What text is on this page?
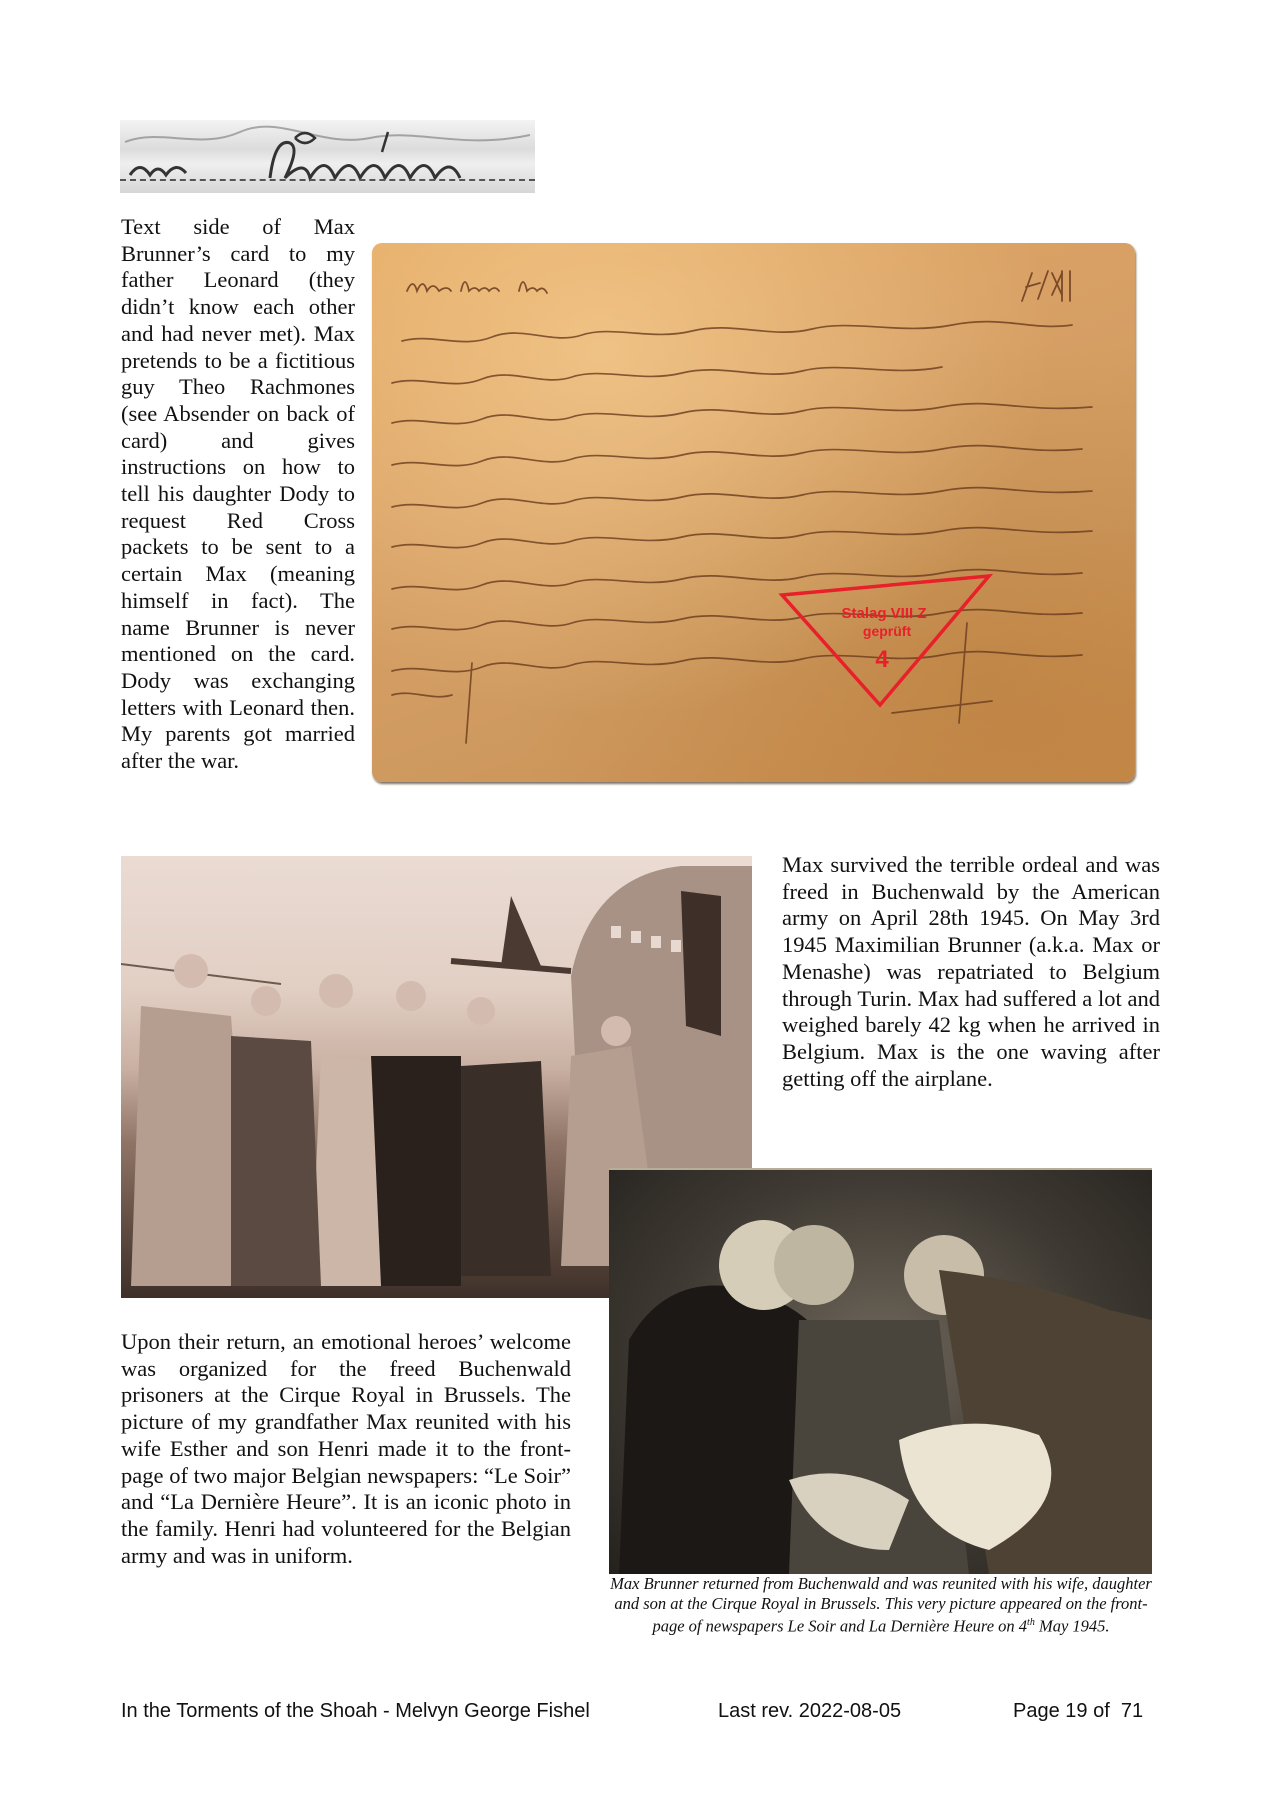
Text side of Max Brunner’s card to my father Leonard (they didn’t know each other and had never met). Max pretends to be a fictitious guy Theo Rachmones (see Absender on back of card) and gives instructions on how to tell his daughter Dody to request Red Cross packets to be sent to a certain Max (meaning himself in fact). The name Brunner is never mentioned on the card. Dody was exchanging letters with Leonard then. My parents got married after the war.

Stalag VIII Z
geprüft
4

Max survived the terrible ordeal and was freed in Buchenwald by the American army on April 28th 1945. On May 3rd 1945 Maximilian Brunner (a.k.a. Max or Menashe) was repatriated to Belgium through Turin. Max had suffered a lot and weighed barely 42 kg when he arrived in Belgium. Max is the one waving after getting off the airplane.

Max Brunner returned from Buchenwald and was reunited with his wife, daughter and son at the Cirque Royal in Brussels. This very picture appeared on the front-page of newspapers Le Soir and La Dernière Heure on 4th May 1945.

Upon their return, an emotional heroes’ welcome was organized for the freed Buchenwald prisoners at the Cirque Royal in Brussels. The picture of my grandfather Max reunited with his wife Esther and son Henri made it to the front-page of two major Belgian newspapers: “Le Soir” and “La Dernière Heure”. It is an iconic photo in the family. Henri had volunteered for the Belgian army and was in uniform.

In the Torments of the Shoah - Melvyn George Fishel	Last rev. 2022-08-05	Page 19 of  71
